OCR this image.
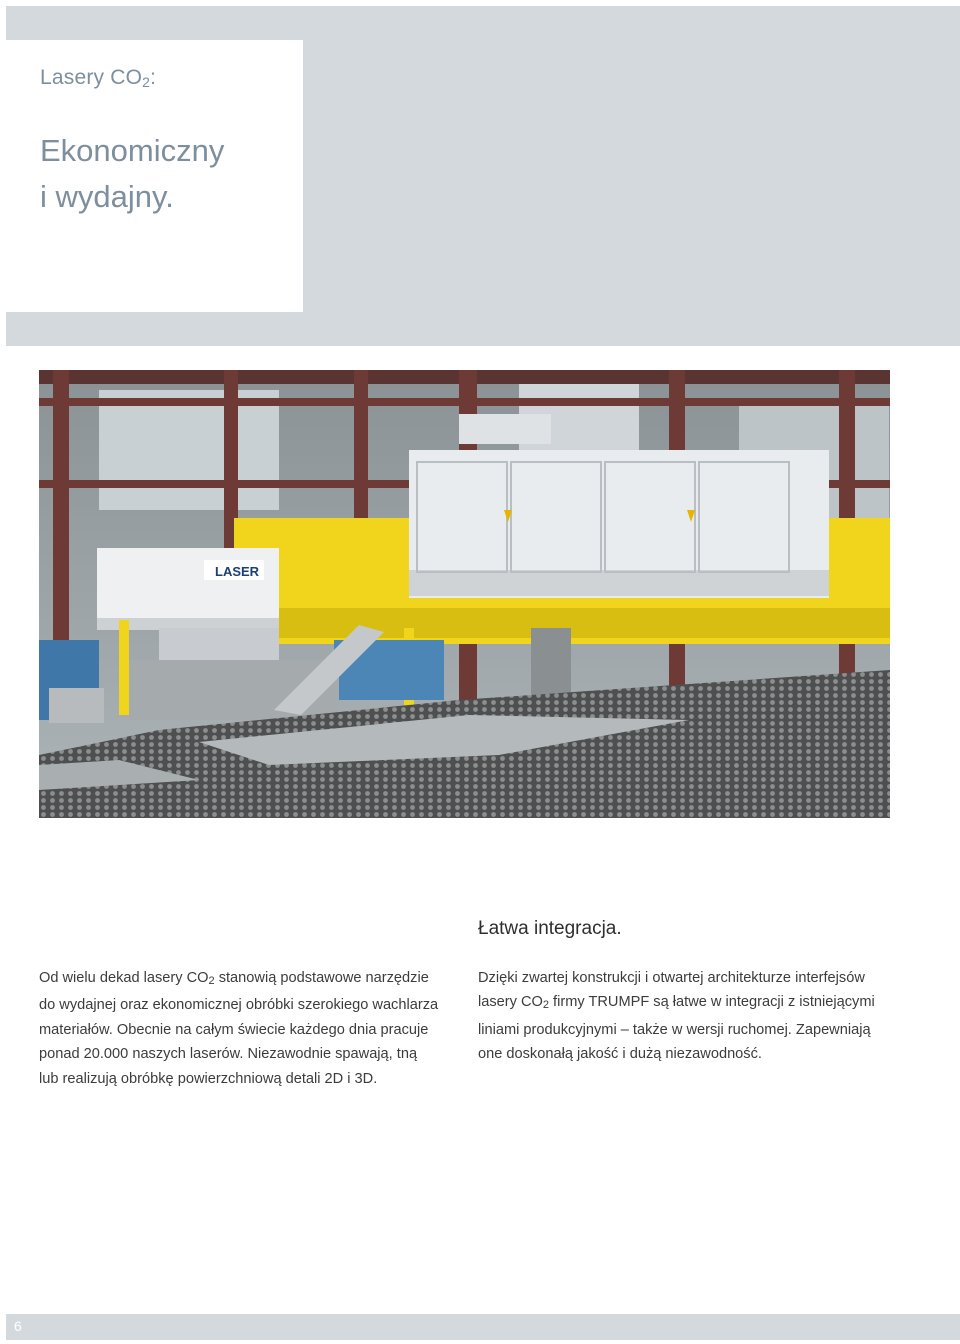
Lasery $CO_2$:
Ekonomiczny
i wydajny.
LASER
Łatwa integracja.
Od wielu dekad lasery $CO_2$ stanowią podstawowe narzędzie
do wydajnej oraz ekonomicznej obróbki szerokiego wachlarza
materiałów. Obecnie na całym świecie każdego dnia pracuje
ponad 20.000 naszych laserów. Niezawodnie spawają, tną
lub realizują obróbkę powierzchniową detali 2D i 3D.
Dzięki zwartej konstrukcji i otwartej architekturze interfejsów
lasery $CO_2$ firmy TRUMPF są łatwe w integracji z istniejącymi
liniami produkcyjnymi – także w wersji ruchomej. Zapewniają
one doskonałą jakość i dużą niezawodność.
6
